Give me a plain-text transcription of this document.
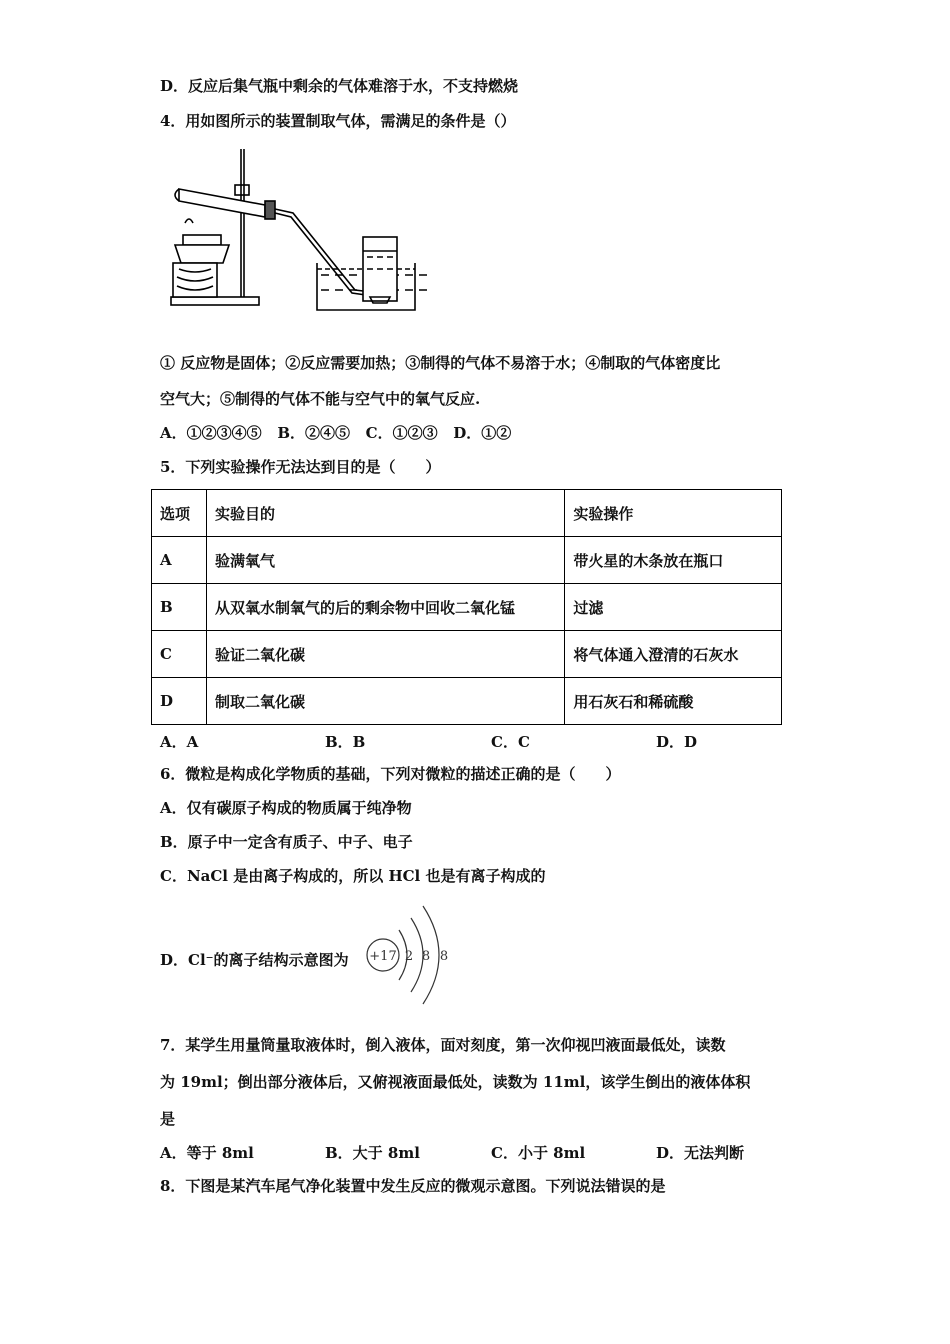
D．反应后集气瓶中剩余的气体难溶于水，不支持燃烧
4．用如图所示的装置制取气体，需满足的条件是（）
① 反应物是固体；②反应需要加热；③制得的气体不易溶于水；④制取的气体密度比
空气大；⑤制得的气体不能与空气中的氧气反应.
A．①②③④⑤ B．②④⑤ C．①②③ D．①②
5．下列实验操作无法达到目的是（　　）
选项	实验目的	实验操作
A	验满氧气	带火星的木条放在瓶口
B	从双氧水制氧气的后的剩余物中回收二氧化锰	过滤
C	验证二氧化碳	将气体通入澄清的石灰水
D	制取二氧化碳	用石灰石和稀硫酸
A．A	B．B	C．C	D．D
6．微粒是构成化学物质的基础，下列对微粒的描述正确的是（　　）
A．仅有碳原子构成的物质属于纯净物
B．原子中一定含有质子、中子、电子
C．NaCl 是由离子构成的，所以 HCl 也是有离子构成的
D．Cl⁻的离子结构示意图为 +17 2 8 8
7．某学生用量筒量取液体时，倒入液体，面对刻度，第一次仰视凹液面最低处，读数
为 19ml；倒出部分液体后，又俯视液面最低处，读数为 11ml，该学生倒出的液体体积
是
A．等于 8ml	B．大于 8ml	C．小于 8ml	D．无法判断
8．下图是某汽车尾气净化装置中发生反应的微观示意图。下列说法错误的是
